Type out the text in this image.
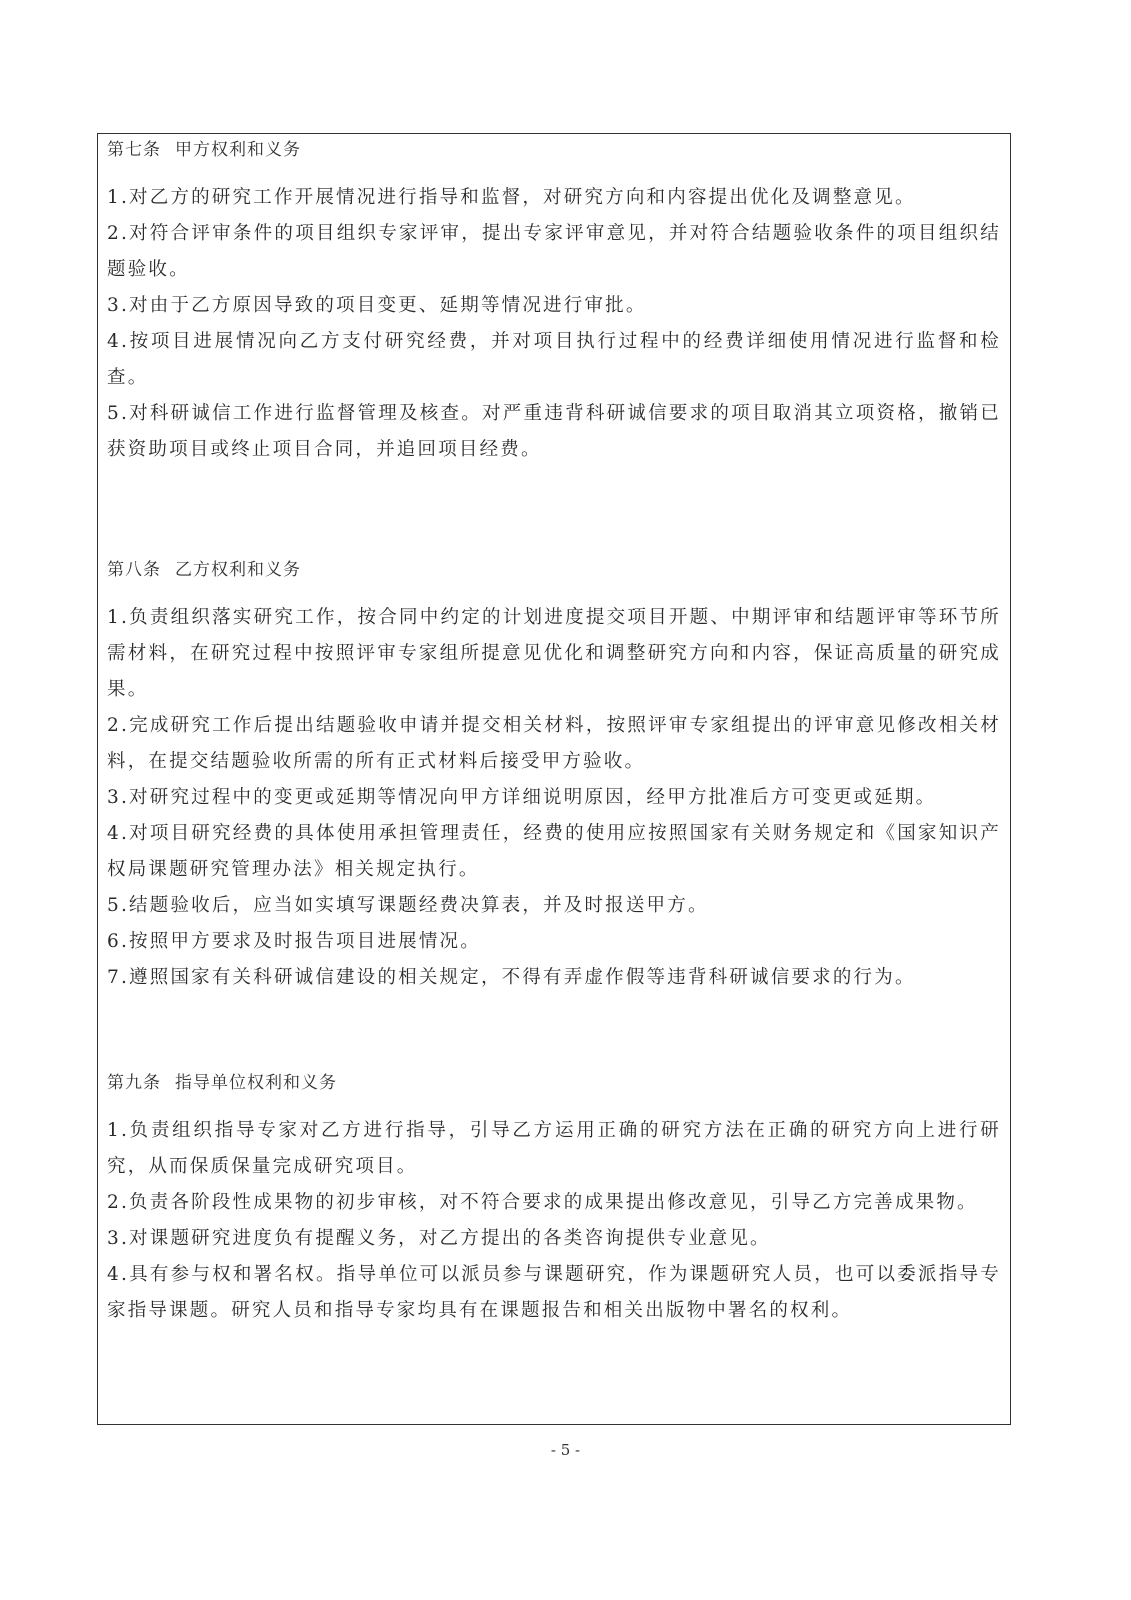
第七条 甲方权利和义务
1.对乙方的研究工作开展情况进行指导和监督，对研究方向和内容提出优化及调整意见。
2.对符合评审条件的项目组织专家评审，提出专家评审意见，并对符合结题验收条件的项目组织结题验收。
3.对由于乙方原因导致的项目变更、延期等情况进行审批。
4.按项目进展情况向乙方支付研究经费，并对项目执行过程中的经费详细使用情况进行监督和检查。
5.对科研诚信工作进行监督管理及核查。对严重违背科研诚信要求的项目取消其立项资格，撤销已获资助项目或终止项目合同，并追回项目经费。
第八条 乙方权利和义务
1.负责组织落实研究工作，按合同中约定的计划进度提交项目开题、中期评审和结题评审等环节所需材料，在研究过程中按照评审专家组所提意见优化和调整研究方向和内容，保证高质量的研究成果。
2.完成研究工作后提出结题验收申请并提交相关材料，按照评审专家组提出的评审意见修改相关材料，在提交结题验收所需的所有正式材料后接受甲方验收。
3.对研究过程中的变更或延期等情况向甲方详细说明原因，经甲方批准后方可变更或延期。
4.对项目研究经费的具体使用承担管理责任，经费的使用应按照国家有关财务规定和《国家知识产权局课题研究管理办法》相关规定执行。
5.结题验收后，应当如实填写课题经费决算表，并及时报送甲方。
6.按照甲方要求及时报告项目进展情况。
7.遵照国家有关科研诚信建设的相关规定，不得有弄虚作假等违背科研诚信要求的行为。
第九条 指导单位权利和义务
1.负责组织指导专家对乙方进行指导，引导乙方运用正确的研究方法在正确的研究方向上进行研究，从而保质保量完成研究项目。
2.负责各阶段性成果物的初步审核，对不符合要求的成果提出修改意见，引导乙方完善成果物。
3.对课题研究进度负有提醒义务，对乙方提出的各类咨询提供专业意见。
4.具有参与权和署名权。指导单位可以派员参与课题研究，作为课题研究人员，也可以委派指导专家指导课题。研究人员和指导专家均具有在课题报告和相关出版物中署名的权利。
- 5 -
